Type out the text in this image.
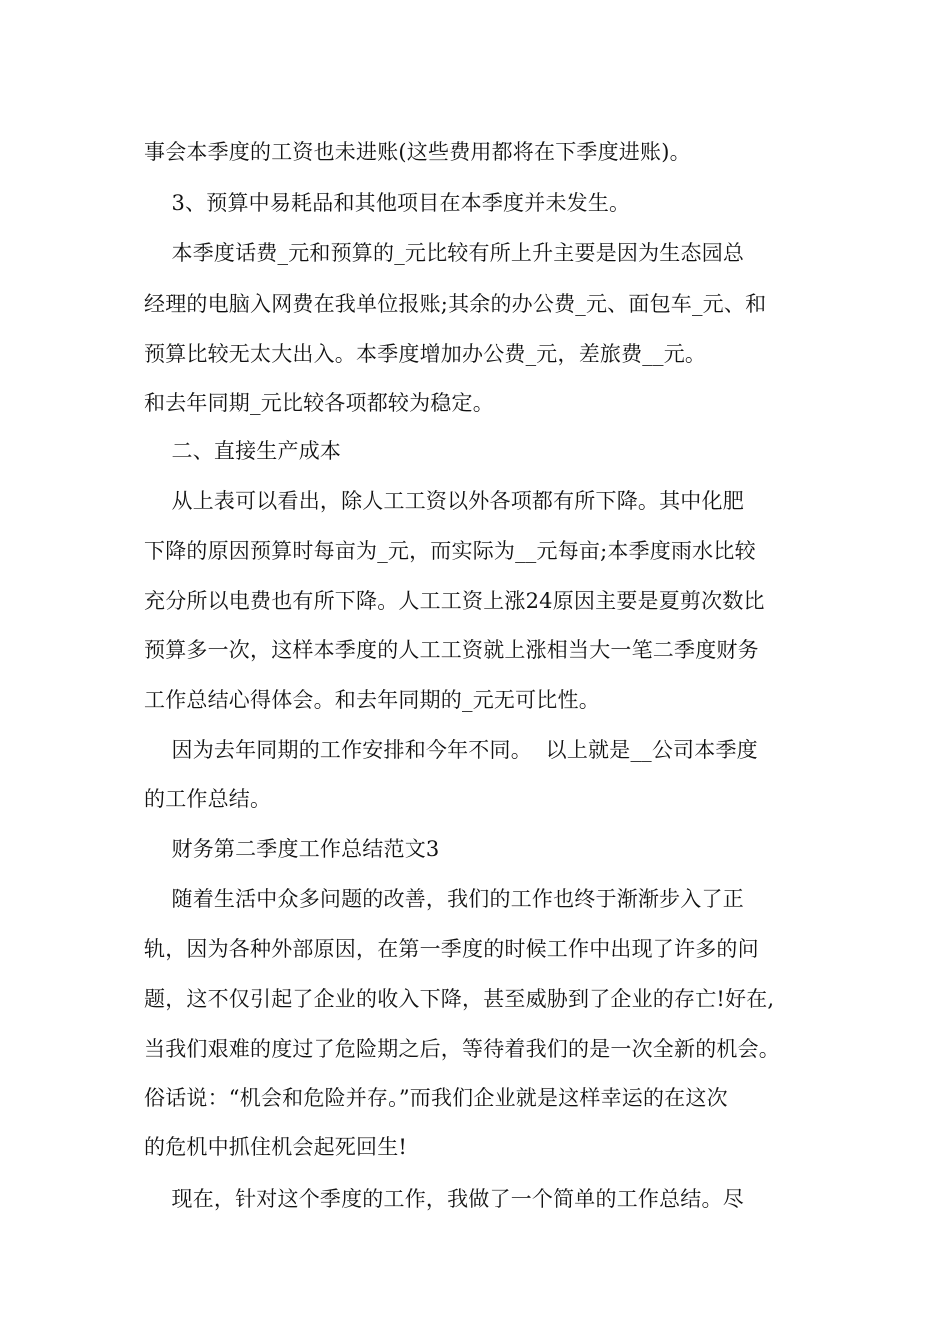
事会本季度的工资也未进账(这些费用都将在下季度进账)。
3、预算中易耗品和其他项目在本季度并未发生。
本季度话费_元和预算的_元比较有所上升主要是因为生态园总
经理的电脑入网费在我单位报账;其余的办公费_元、面包车_元、和
预算比较无太大出入。本季度增加办公费_元，差旅费__元。
和去年同期_元比较各项都较为稳定。
二、直接生产成本
从上表可以看出，除人工工资以外各项都有所下降。其中化肥
下降的原因预算时每亩为_元，而实际为__元每亩;本季度雨水比较
充分所以电费也有所下降。人工工资上涨24原因主要是夏剪次数比
预算多一次，这样本季度的人工工资就上涨相当大一笔二季度财务
工作总结心得体会。和去年同期的_元无可比性。
因为去年同期的工作安排和今年不同。  以上就是__公司本季度
的工作总结。
财务第二季度工作总结范文3
随着生活中众多问题的改善，我们的工作也终于渐渐步入了正
轨，因为各种外部原因，在第一季度的时候工作中出现了许多的问
题，这不仅引起了企业的收入下降，甚至威胁到了企业的存亡!好在,
当我们艰难的度过了危险期之后，等待着我们的是一次全新的机会。
俗话说：“机会和危险并存。”而我们企业就是这样幸运的在这次
的危机中抓住机会起死回生!
现在，针对这个季度的工作，我做了一个简单的工作总结。尽
